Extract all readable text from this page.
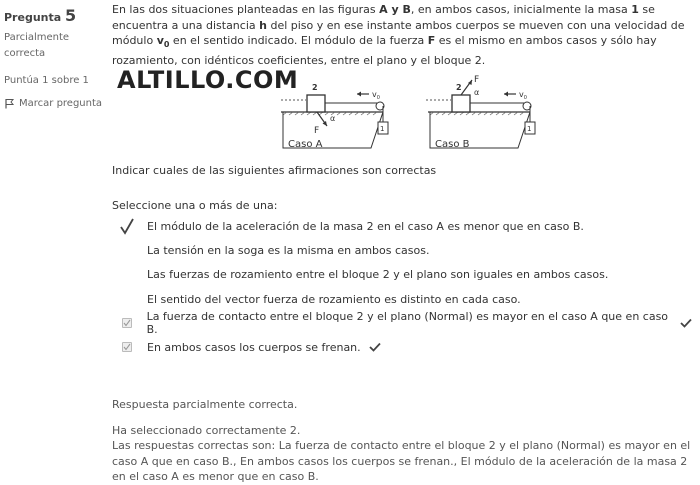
Pregunta 5
Parcialmente correcta
Puntúa 1 sobre 1
Marcar pregunta
En las dos situaciones planteadas en las figuras A y B, en ambos casos, inicialmente la masa 1 se encuentra a una distancia h del piso y en ese instante ambos cuerpos se mueven con una velocidad de módulo $v_0$ en el sentido indicado. El módulo de la fuerza F es el mismo en ambos casos y sólo hay rozamiento, con idénticos coeficientes, entre el plano y el bloque 2.
ALTILLO.COM 2
1
$v_0$
α
F
Caso A
2
1
$v_0$
F
α
Caso B
Indicar cuales de las siguientes afirmaciones son correctas
Seleccione una o más de una:
El módulo de la aceleración de la masa 2 en el caso A es menor que en caso B.
La tensión en la soga es la misma en ambos casos.
Las fuerzas de rozamiento entre el bloque 2 y el plano son iguales en ambos casos.
El sentido del vector fuerza de rozamiento es distinto en cada caso.
La fuerza de contacto entre el bloque 2 y el plano (Normal) es mayor en el caso A que en caso B.
En ambos casos los cuerpos se frenan.
Respuesta parcialmente correcta.
Ha seleccionado correctamente 2.
Las respuestas correctas son: La fuerza de contacto entre el bloque 2 y el plano (Normal) es mayor en el caso A que en caso B., En ambos casos los cuerpos se frenan., El módulo de la aceleración de la masa 2 en el caso A es menor que en caso B.
